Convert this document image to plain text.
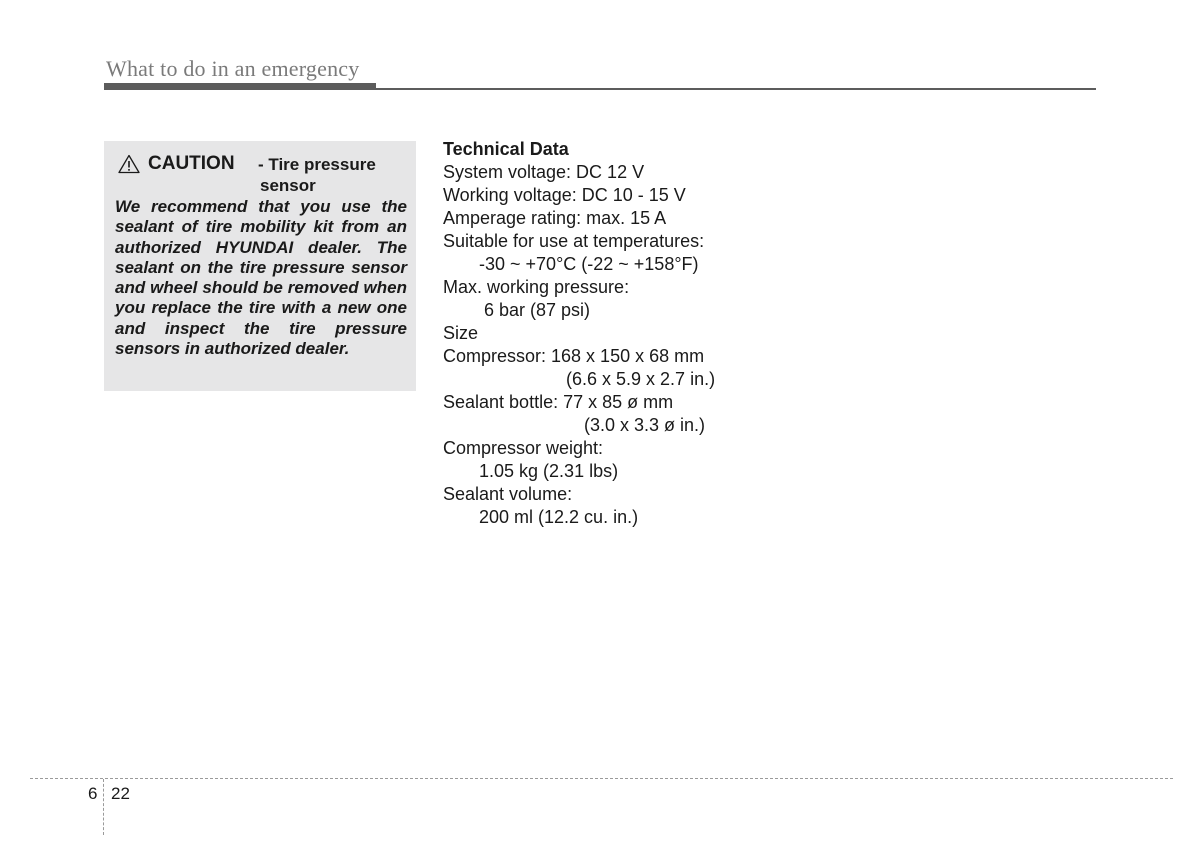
What to do in an emergency
CAUTION - Tire pressure
sensor
We recommend that you use the sealant of tire mobility kit from an authorized HYUNDAI dealer. The sealant on the tire pressure sensor and wheel should be removed when you replace the tire with a new one and inspect the tire pressure sensors in authorized dealer.
Technical Data
System voltage: DC 12 V
Working voltage: DC 10 - 15 V
Amperage rating: max. 15 A
Suitable for use at temperatures:
-30 ~ +70°C (-22 ~ +158°F)
Max. working pressure:
6 bar (87 psi)
Size
Compressor: 168 x 150 x 68 mm
(6.6 x 5.9 x 2.7 in.)
Sealant bottle: 77 x 85 ø mm
(3.0 x 3.3 ø in.)
Compressor weight:
1.05 kg (2.31 lbs)
Sealant volume:
200 ml (12.2 cu. in.)
6 22
